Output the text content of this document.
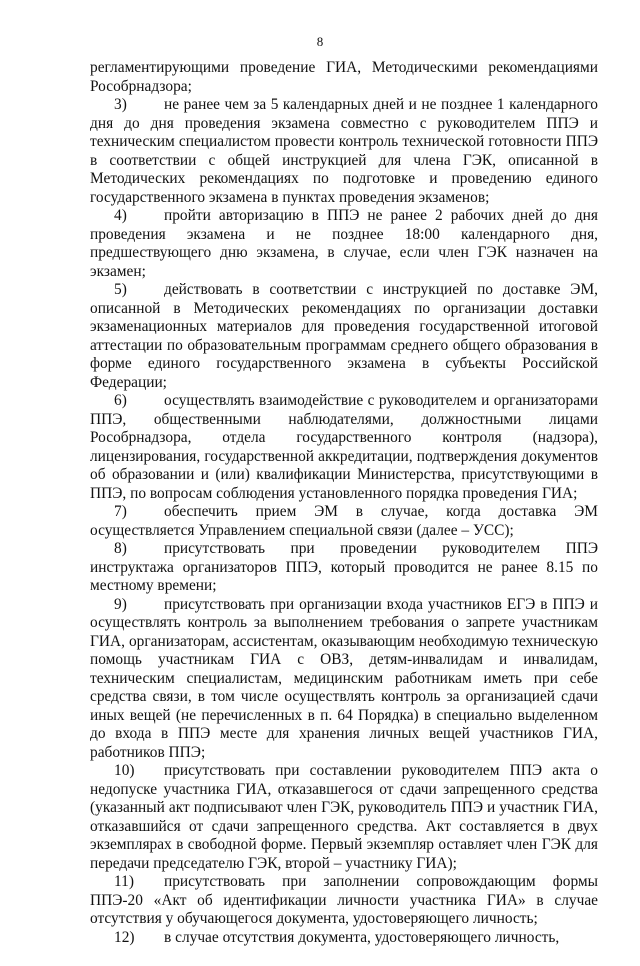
8

регламентирующими проведение ГИА, Методическими рекомендациями Рособрнадзора;

3) не ранее чем за 5 календарных дней и не позднее 1 календарного дня до дня проведения экзамена совместно с руководителем ППЭ и техническим специалистом провести контроль технической готовности ППЭ в соответствии с общей инструкцией для члена ГЭК, описанной в Методических рекомендациях по подготовке и проведению единого государственного экзамена в пунктах проведения экзаменов;

4) пройти авторизацию в ППЭ не ранее 2 рабочих дней до дня проведения экзамена и не позднее 18:00 календарного дня, предшествующего дню экзамена, в случае, если член ГЭК назначен на экзамен;

5) действовать в соответствии с инструкцией по доставке ЭМ, описанной в Методических рекомендациях по организации доставки экзаменационных материалов для проведения государственной итоговой аттестации по образовательным программам среднего общего образования в форме единого государственного экзамена в субъекты Российской Федерации;

6) осуществлять взаимодействие с руководителем и организаторами ППЭ, общественными наблюдателями, должностными лицами Рособрнадзора, отдела государственного контроля (надзора), лицензирования, государственной аккредитации, подтверждения документов об образовании и (или) квалификации Министерства, присутствующими в ППЭ, по вопросам соблюдения установленного порядка проведения ГИА;

7) обеспечить прием ЭМ в случае, когда доставка ЭМ осуществляется Управлением специальной связи (далее – УСС);

8) присутствовать при проведении руководителем ППЭ инструктажа организаторов ППЭ, который проводится не ранее 8.15 по местному времени;

9) присутствовать при организации входа участников ЕГЭ в ППЭ и осуществлять контроль за выполнением требования о запрете участникам ГИА, организаторам, ассистентам, оказывающим необходимую техническую помощь участникам ГИА с ОВЗ, детям-инвалидам и инвалидам, техническим специалистам, медицинским работникам иметь при себе средства связи, в том числе осуществлять контроль за организацией сдачи иных вещей (не перечисленных в п. 64 Порядка) в специально выделенном до входа в ППЭ месте для хранения личных вещей участников ГИА, работников ППЭ;

10) присутствовать при составлении руководителем ППЭ акта о недопуске участника ГИА, отказавшегося от сдачи запрещенного средства (указанный акт подписывают член ГЭК, руководитель ППЭ и участник ГИА, отказавшийся от сдачи запрещенного средства. Акт составляется в двух экземплярах в свободной форме. Первый экземпляр оставляет член ГЭК для передачи председателю ГЭК, второй – участнику ГИА);

11) присутствовать при заполнении сопровождающим формы ППЭ-20 «Акт об идентификации личности участника ГИА» в случае отсутствия у обучающегося документа, удостоверяющего личность;

12) в случае отсутствия документа, удостоверяющего личность,
